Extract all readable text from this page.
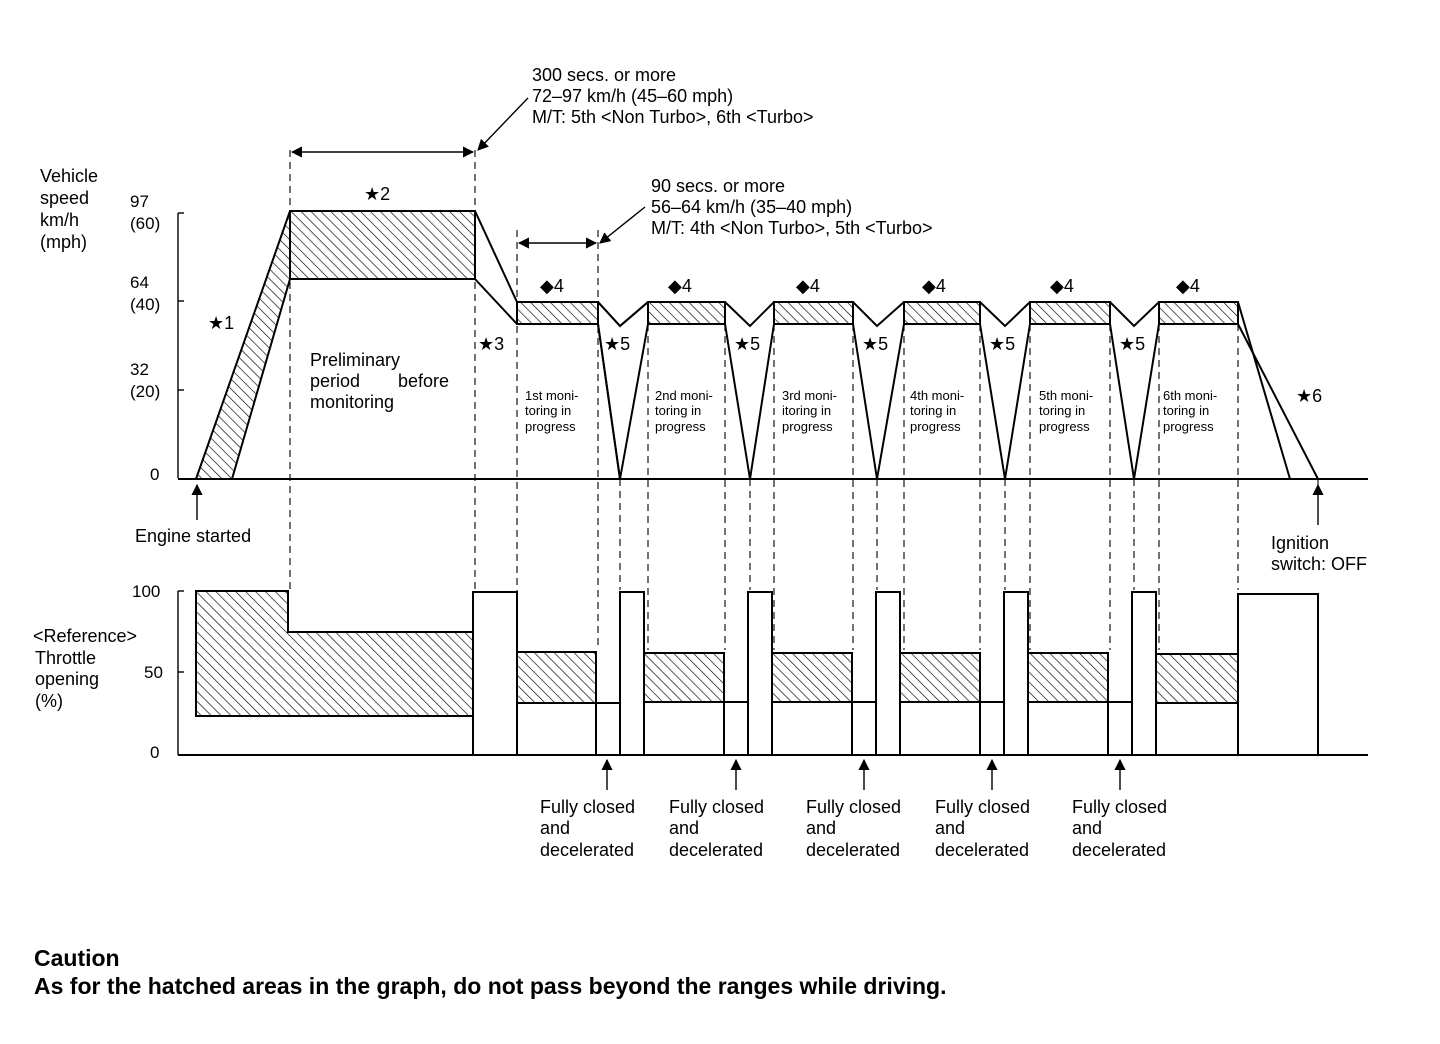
Vehicle speed km/h (mph)
97 (60)
64 (40)
32 (20)
0
300 secs. or more 72–97 km/h (45–60 mph) M/T: 5th <Non Turbo>, 6th <Turbo>
90 secs. or more 56–64 km/h (35–40 mph) M/T: 4th <Non Turbo>, 5th <Turbo>
★1
★2
★3	★5	★5	★5	★5	★5
★6
◆4	◆4	◆4	◆4	◆4	◆4
Preliminary period before monitoring	1st moni- toring in progress
2nd moni- toring in progress
3rd moni- itoring in progress
4th moni- toring in progress
5th moni- toring in progress
6th moni- toring in progress
Engine started	Ignition switch: OFF
<Reference> Throttle opening (%)
100
50
0
Fully closed and decelerated
Fully closed and decelerated
Fully closed and decelerated
Fully closed and decelerated
Fully closed and decelerated
Caution
As for the hatched areas in the graph, do not pass beyond the ranges while driving.
